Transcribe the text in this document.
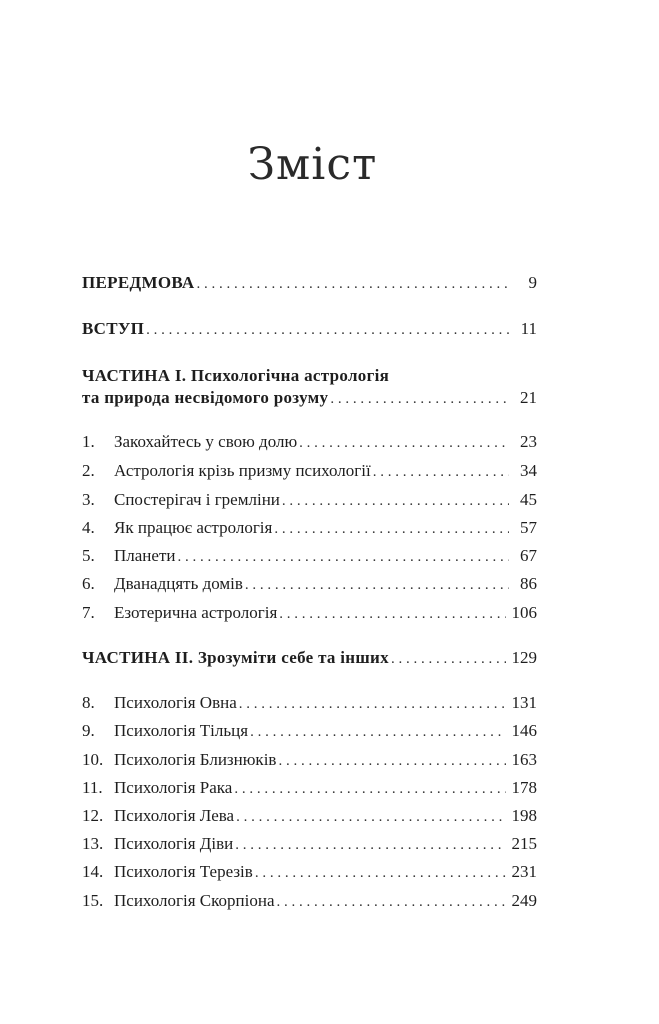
Зміст
ПЕРЕДМОВА . . .	9
ВСТУП . . .	11
ЧАСТИНА I. Психологічна астрологія
та природа несвідомого розуму . . .	21
1.	Закохайтесь у свою долю . . .	23
2.	Астрологія крізь призму психології . . .	34
3.	Спостерігач і гремліни . . .	45
4.	Як працює астрологія . . .	57
5.	Планети . . .	67
6.	Дванадцять домів . . .	86
7.	Езотерична астрологія . . .	106
ЧАСТИНА II. Зрозуміти себе та інших . . .	129
8.	Психологія Овна . . .	131
9.	Психологія Тільця . . .	146
10. Психологія Близнюків . . .	163
11. Психологія Рака . . .	178
12. Психологія Лева . . .	198
13. Психологія Діви . . .	215
14. Психологія Терезів . . .	231
15. Психологія Скорпіона . . .	249
